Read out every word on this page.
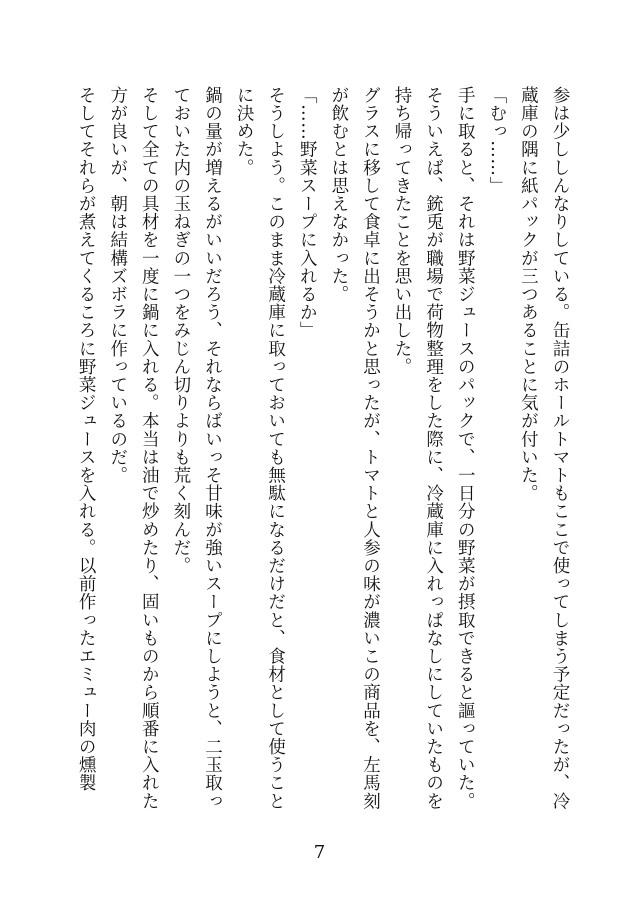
参は少ししんなりしている。缶詰のホールトマトもここで使ってしまう予定だったが、冷蔵庫の隅に紙パックが三つあることに気が付いた。

「むっ……」

手に取ると、それは野菜ジュースのパックで、一日分の野菜が摂取できると謳っていた。そういえば、銃兎が職場で荷物整理をした際に、冷蔵庫に入れっぱなしにしていたものを持ち帰ってきたことを思い出した。

グラスに移して食卓に出そうかと思ったが、トマトと人参の味が濃いこの商品を、左馬刻が飲むとは思えなかった。

「……野菜スープに入れるか」

そうしよう。このまま冷蔵庫に取っておいても無駄になるだけだと、食材として使うことに決めた。

鍋の量が増えるがいいだろう、それならばいっそ甘味が強いスープにしようと、二玉取っておいた内の玉ねぎの一つをみじん切りよりも荒く刻んだ。

そして全ての具材を一度に鍋に入れる。本当は油で炒めたり、固いものから順番に入れた方が良いが、朝は結構ズボラに作っているのだ。

そしてそれらが煮えてくるころに野菜ジュースを入れる。以前作ったエミュー肉の燻製

7
